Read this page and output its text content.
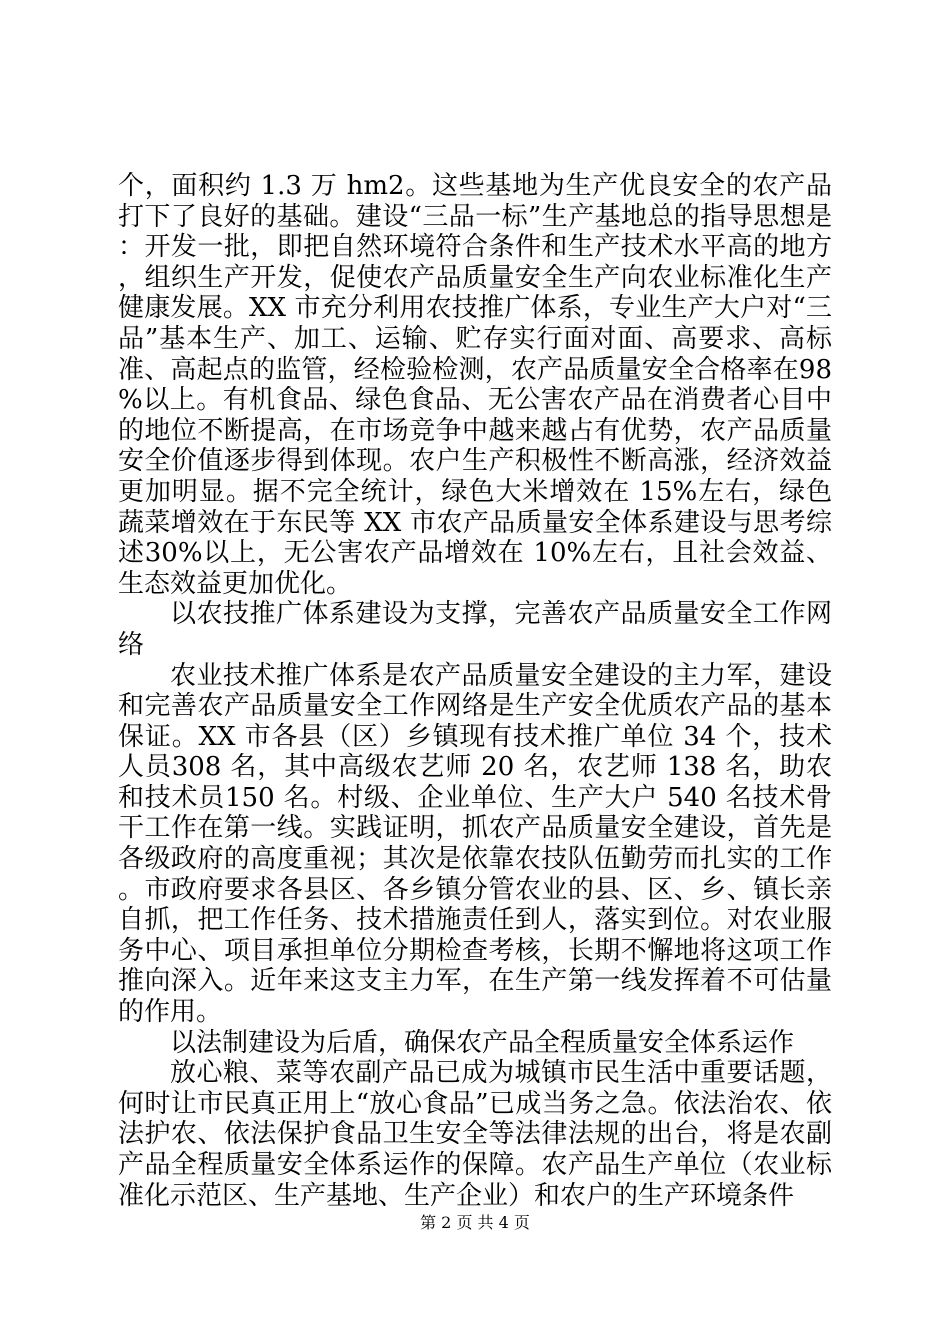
个，面积约 1.3 万 hm2。这些基地为生产优良安全的农产品打下了良好的基础。建设“三品一标”生产基地总的指导思想是：开发一批，即把自然环境符合条件和生产技术水平高的地方，组织生产开发，促使农产品质量安全生产向农业标准化生产健康发展。XX 市充分利用农技推广体系，专业生产大户对“三品”基本生产、加工、运输、贮存实行面对面、高要求、高标准、高起点的监管，经检验检测，农产品质量安全合格率在98%以上。有机食品、绿色食品、无公害农产品在消费者心目中的地位不断提高，在市场竞争中越来越占有优势，农产品质量安全价值逐步得到体现。农户生产积极性不断高涨，经济效益更加明显。据不完全统计，绿色大米增效在 15%左右，绿色蔬菜增效在于东民等 XX 市农产品质量安全体系建设与思考综述30%以上，无公害农产品增效在 10%左右，且社会效益、生态效益更加优化。

以农技推广体系建设为支撑，完善农产品质量安全工作网络

农业技术推广体系是农产品质量安全建设的主力军，建设和完善农产品质量安全工作网络是生产安全优质农产品的基本保证。XX 市各县（区）乡镇现有技术推广单位 34 个，技术人员308 名，其中高级农艺师 20 名，农艺师 138 名，助农和技术员150 名。村级、企业单位、生产大户 540 名技术骨干工作在第一线。实践证明，抓农产品质量安全建设，首先是各级政府的高度重视；其次是依靠农技队伍勤劳而扎实的工作。市政府要求各县区、各乡镇分管农业的县、区、乡、镇长亲自抓，把工作任务、技术措施责任到人，落实到位。对农业服务中心、项目承担单位分期检查考核，长期不懈地将这项工作推向深入。近年来这支主力军，在生产第一线发挥着不可估量的作用。

以法制建设为后盾，确保农产品全程质量安全体系运作

放心粮、菜等农副产品已成为城镇市民生活中重要话题，何时让市民真正用上“放心食品”已成当务之急。依法治农、依法护农、依法保护食品卫生安全等法律法规的出台，将是农副产品全程质量安全体系运作的保障。农产品生产单位（农业标准化示范区、生产基地、生产企业）和农户的生产环境条件

第 2 页 共 4 页
